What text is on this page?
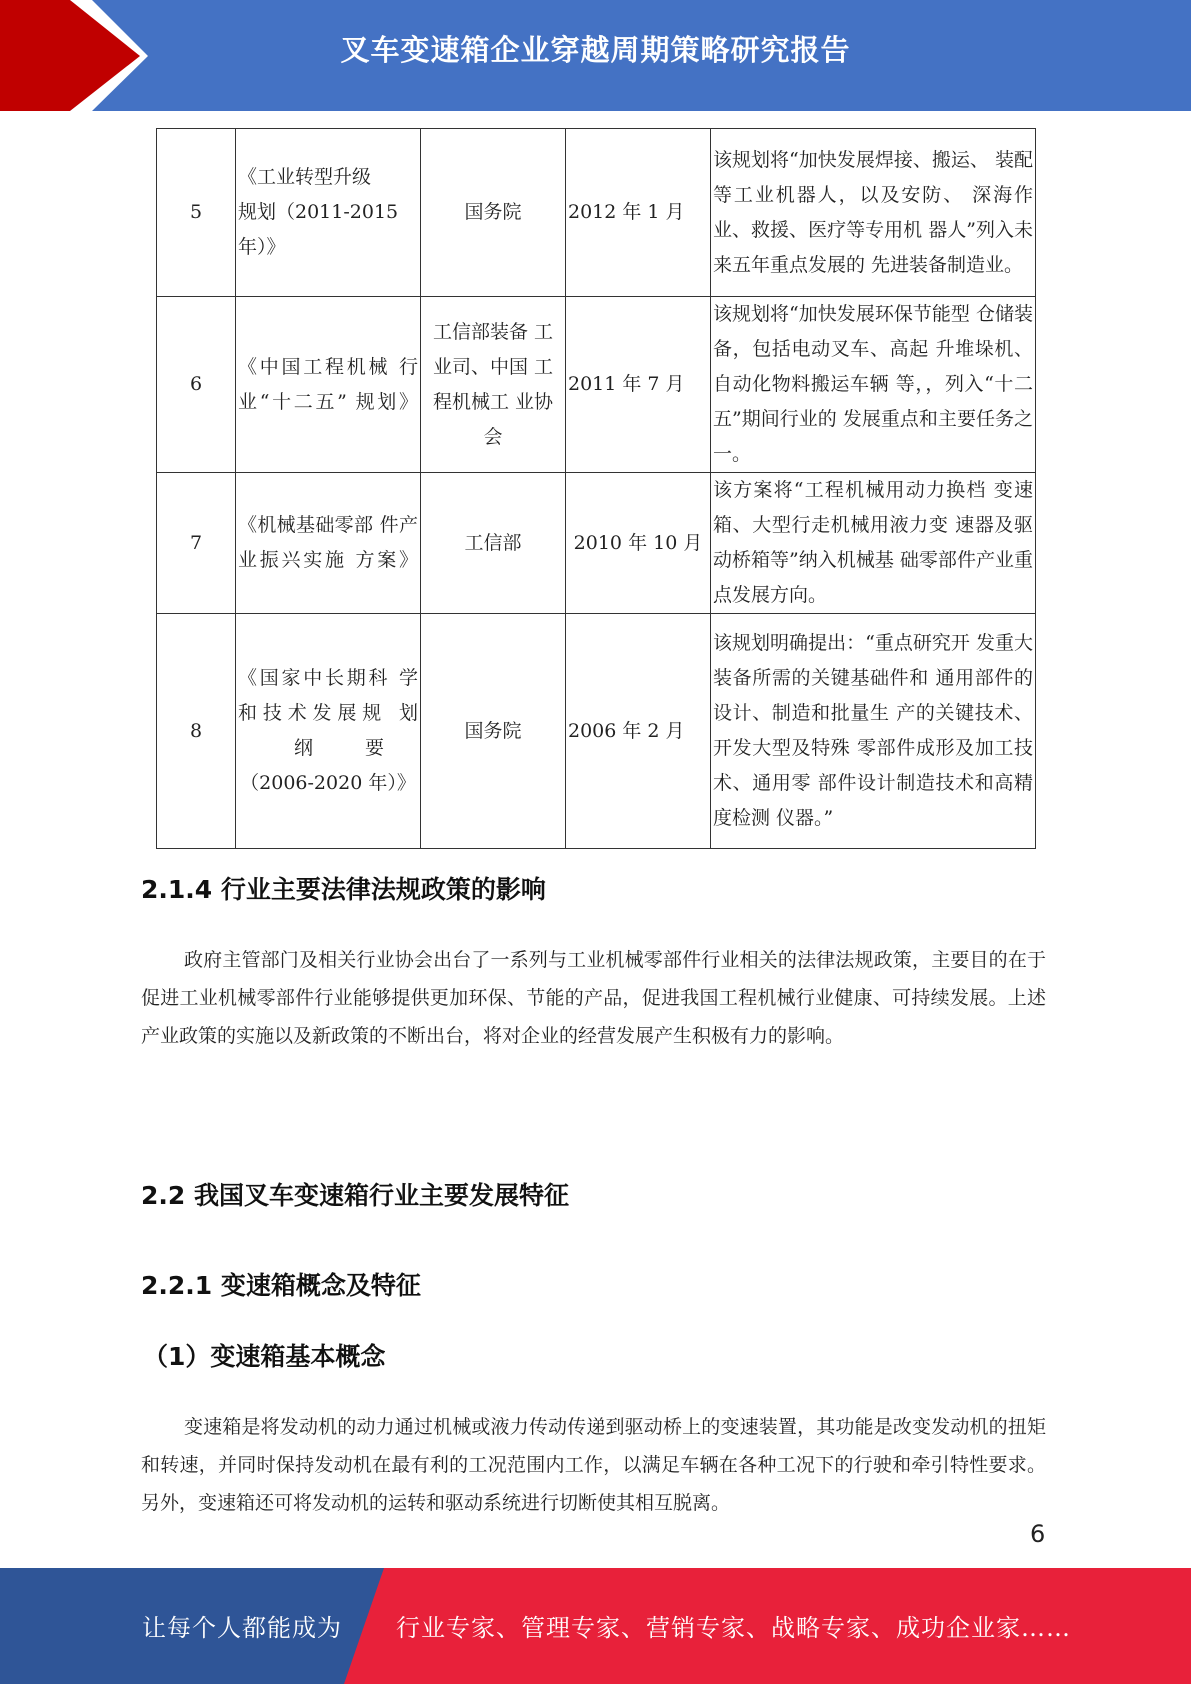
叉车变速箱企业穿越周期策略研究报告
5	《工业转型升级
规划（2011-2015
年）》	国务院	2012 年 1 月	该规划将“加快发展焊接、搬运、 装配等工业机器人，以及安防、 深海作业、救援、医疗等专用机 器人”列入未来五年重点发展的 先进装备制造业。
6	《中国工程机械 行业“十二五” 规划》	工信部装备 工业司、中国 工程机械工 业协会	2011 年 7 月	该规划将“加快发展环保节能型 仓储装备，包括电动叉车、高起 升堆垛机、自动化物料搬运车辆 等，，列入“十二五”期间行业的 发展重点和主要任务之一。
7	《机械基础零部 件产业振兴实施 方案》	工信部	2010 年 10 月	该方案将“工程机械用动力换档 变速箱、大型行走机械用液力变 速器及驱动桥箱等”纳入机械基 础零部件产业重点发展方向。
8	《国家中长期科 学
和技术发展规 划
纲 要
（2006-2020 年）》	国务院	2006 年 2 月	该规划明确提出：“重点研究开 发重大装备所需的关键基础件和 通用部件的设计、制造和批量生 产的关键技术、开发大型及特殊 零部件成形及加工技术、通用零 部件设计制造技术和高精度检测 仪器。”
2.1.4 行业主要法律法规政策的影响
政府主管部门及相关行业协会出台了一系列与工业机械零部件行业相关的法律法规政策，主要目的在于促进工业机械零部件行业能够提供更加环保、节能的产品，促进我国工程机械行业健康、可持续发展。上述产业政策的实施以及新政策的不断出台，将对企业的经营发展产生积极有力的影响。
2.2 我国叉车变速箱行业主要发展特征
2.2.1 变速箱概念及特征
（1）变速箱基本概念
变速箱是将发动机的动力通过机械或液力传动传递到驱动桥上的变速装置，其功能是改变发动机的扭矩和转速，并同时保持发动机在最有利的工况范围内工作，以满足车辆在各种工况下的行驶和牵引特性要求。另外，变速箱还可将发动机的运转和驱动系统进行切断使其相互脱离。
6
让每个人都能成为 行业专家、管理专家、营销专家、战略专家、成功企业家……
